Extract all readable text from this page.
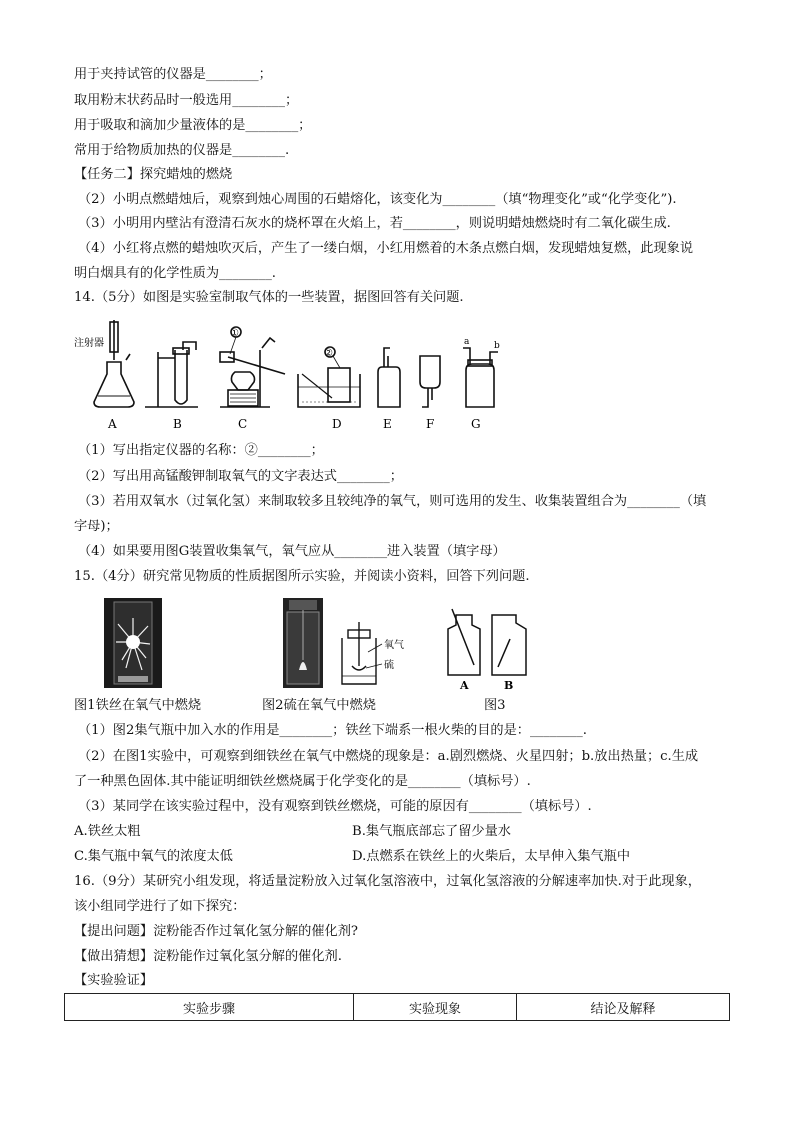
用于夹持试管的仪器是________；
取用粉末状药品时一般选用________；
用于吸取和滴加少量液体的是________；
常用于给物质加热的仪器是________.
【任务二】探究蜡烛的燃烧
（2）小明点燃蜡烛后，观察到烛心周围的石蜡熔化，该变化为________（填“物理变化”或“化学变化”).
（3）小明用内壁沾有澄清石灰水的烧杯罩在火焰上，若________，则说明蜡烛燃烧时有二氧化碳生成.
（4）小红将点燃的蜡烛吹灭后，产生了一缕白烟，小红用燃着的木条点燃白烟，发现蜡烛复燃，此现象说
明白烟具有的化学性质为________.
14.（5分）如图是实验室制取气体的一些装置，据图回答有关问题.
注射器
①
②
a	b
A	B	C	D	E	F	G
（1）写出指定仪器的名称：②________；
（2）写出用高锰酸钾制取氧气的文字表达式________；
（3）若用双氧水（过氧化氢）来制取较多且较纯净的氧气，则可选用的发生、收集装置组合为________（填
字母)；
（4）如果要用图G装置收集氧气，氧气应从________进入装置（填字母）
15.（4分）研究常见物质的性质据图所示实验，并阅读小资料，回答下列问题.
氧气
硫
A	B
图1铁丝在氧气中燃烧	图2硫在氧气中燃烧	图3
（1）图2集气瓶中加入水的作用是________；铁丝下端系一根火柴的目的是：________.
（2）在图1实验中，可观察到细铁丝在氧气中燃烧的现象是：a.剧烈燃烧、火星四射；b.放出热量；c.生成
了一种黑色固体.其中能证明细铁丝燃烧属于化学变化的是________（填标号）.
（3）某同学在该实验过程中，没有观察到铁丝燃烧，可能的原因有________（填标号）.
A.铁丝太粗	B.集气瓶底部忘了留少量水
C.集气瓶中氧气的浓度太低	D.点燃系在铁丝上的火柴后，太早伸入集气瓶中
16.（9分）某研究小组发现，将适量淀粉放入过氧化氢溶液中，过氧化氢溶液的分解速率加快.对于此现象，
该小组同学进行了如下探究：
【提出问题】淀粉能否作过氧化氢分解的催化剂?
【做出猜想】淀粉能作过氧化氢分解的催化剂.
【实验验证】
实验步骤	实验现象	结论及解释
